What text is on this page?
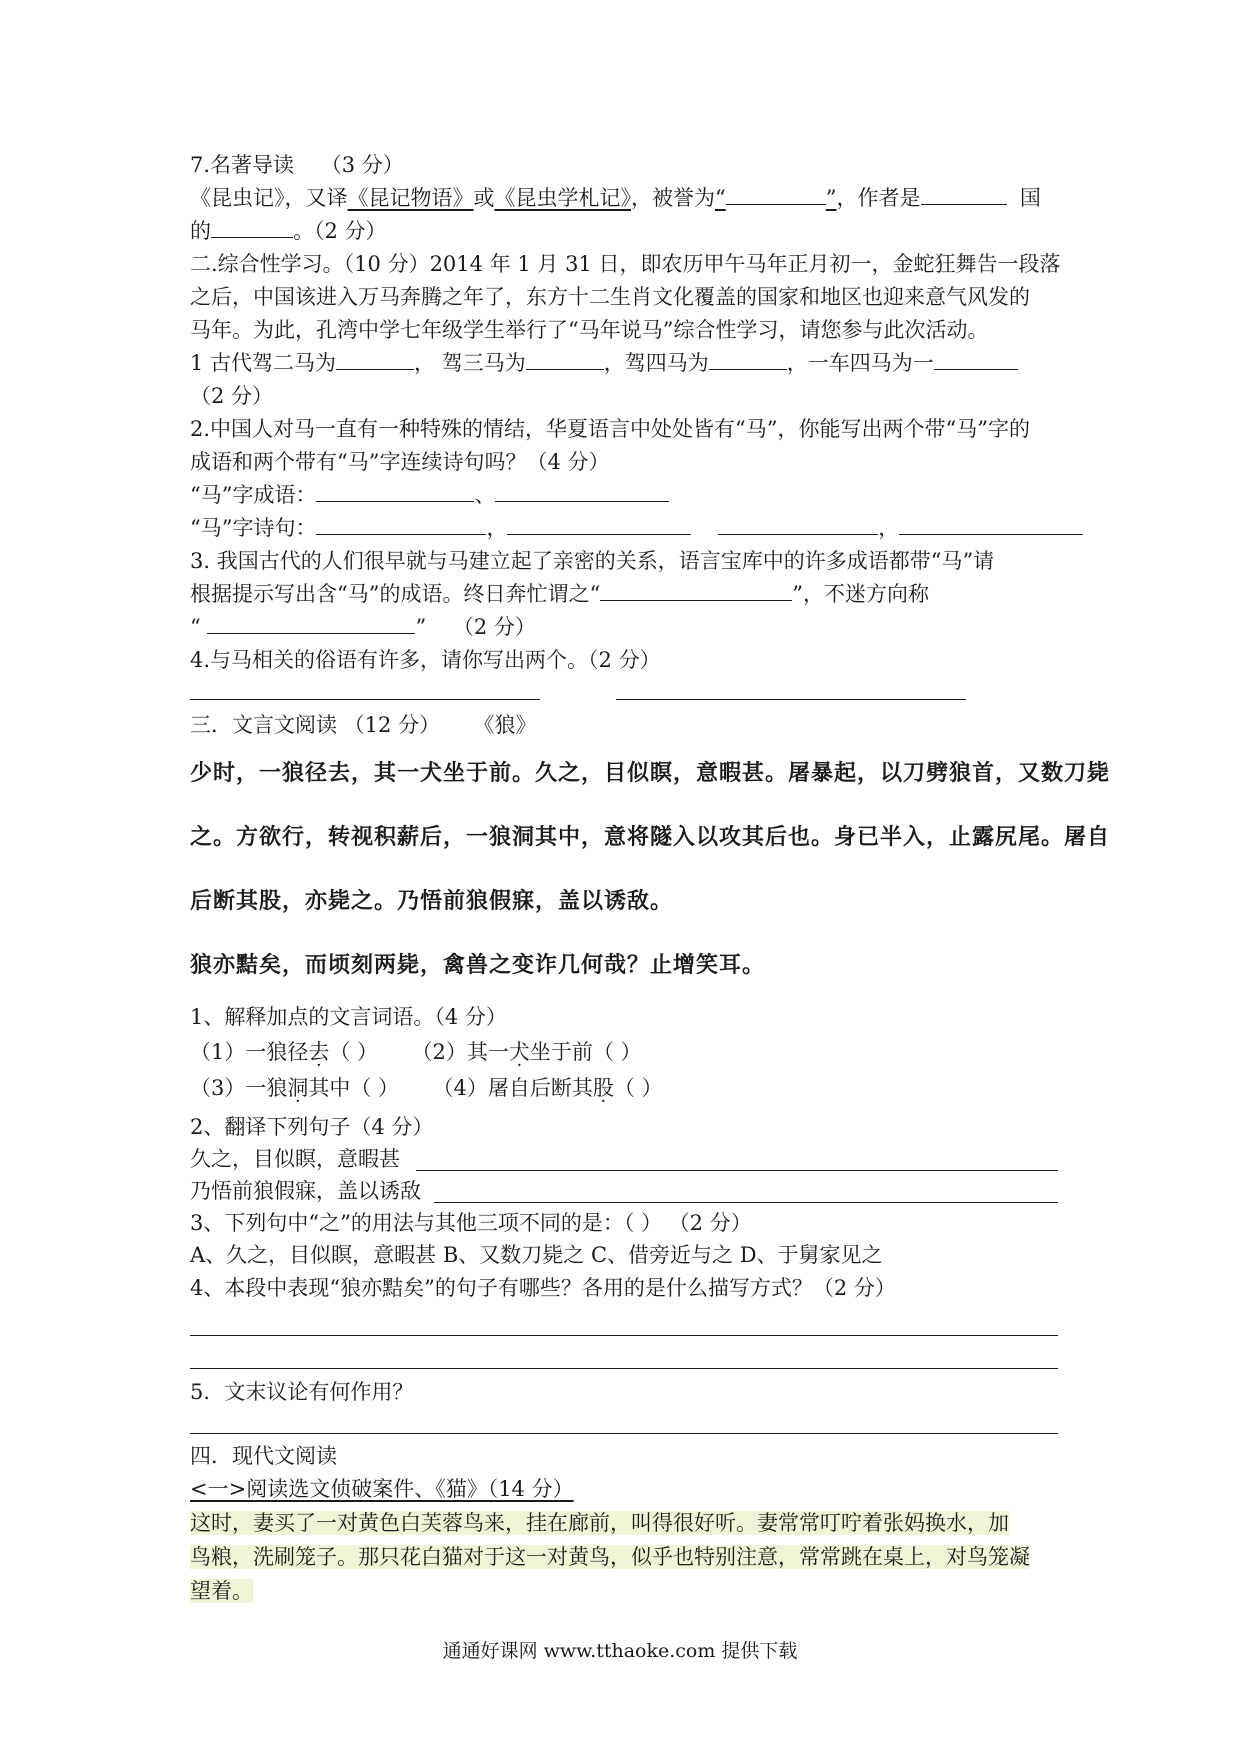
7.名著导读 （3 分）
《昆虫记》，又译《昆记物语》或《昆虫学札记》，被誉为“	”，作者是	国
的	。（2 分）
二.综合性学习。（10 分）2014 年 1 月 31 日，即农历甲午马年正月初一，金蛇狂舞告一段落
之后，中国该进入万马奔腾之年了，东方十二生肖文化覆盖的国家和地区也迎来意气风发的
马年。为此，孔湾中学七年级学生举行了“马年说马”综合性学习，请您参与此次活动。
1 古代驾二马为	， 驾三马为	，驾四马为	，一车四马为一
（2 分）
2.中国人对马一直有一种特殊的情结，华夏语言中处处皆有“马”，你能写出两个带“马”字的
成语和两个带有“马”字连续诗句吗？（4 分）
“马”字成语：	、
“马”字诗句：	，	，
3. 我国古代的人们很早就与马建立起了亲密的关系，语言宝库中的许多成语都带“马”请
根据提示写出含“马”的成语。终日奔忙谓之“	”，不迷方向称
“	” （2 分）
4.与马相关的俗语有许多，请你写出两个。（2 分）
三．文言文阅读 （12 分） 《狼》
少时，一狼径去，其一犬坐于前。久之，目似瞑，意暇甚。屠暴起，以刀劈狼首，又数刀毙
之。方欲行，转视积薪后，一狼洞其中，意将隧入以攻其后也。身已半入，止露尻尾。屠自
后断其股，亦毙之。乃悟前狼假寐，盖以诱敌。
狼亦黠矣，而顷刻两毙，禽兽之变诈几何哉？止增笑耳。
1、解释加点的文言词语。（4 分）
（1）一狼径去（ ） （2）其一犬坐于前（ ）
（3）一狼洞其中（ ） （4）屠自后断其股（ ）
2、翻译下列句子（4 分）
久之，目似瞑，意暇甚
乃悟前狼假寐，盖以诱敌
3、下列句中“之”的用法与其他三项不同的是：（ ） （2 分）
A、久之，目似瞑，意暇甚 B、又数刀毙之 C、借旁近与之 D、于舅家见之
4、本段中表现“狼亦黠矣”的句子有哪些？各用的是什么描写方式？（2 分）
5．文末议论有何作用？
四．现代文阅读
<一>阅读选文侦破案件、《猫》（14 分）
这时，妻买了一对黄色白芙蓉鸟来，挂在廊前，叫得很好听。妻常常叮咛着张妈换水，加
鸟粮，洗刷笼子。那只花白猫对于这一对黄鸟，似乎也特别注意，常常跳在桌上，对鸟笼凝
望着。
通通好课网 www.tthaoke.com 提供下载
